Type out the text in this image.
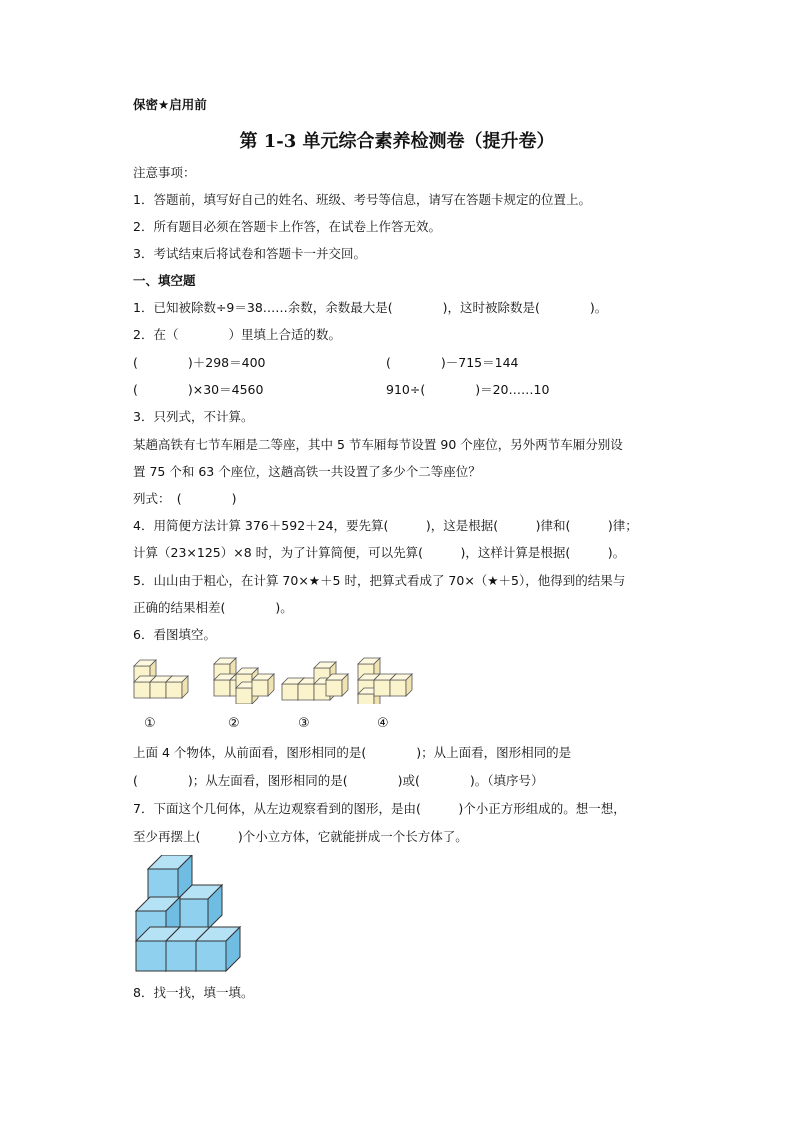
保密★启用前
第 1-3 单元综合素养检测卷（提升卷）
注意事项：
1．答题前，填写好自己的姓名、班级、考号等信息，请写在答题卡规定的位置上。
2．所有题目必须在答题卡上作答，在试卷上作答无效。
3．考试结束后将试卷和答题卡一并交回。
一、填空题
1．已知被除数÷9＝38……余数，余数最大是(　　　　)，这时被除数是(　　　　)。
2．在（　　　　）里填上合适的数。
(　　　　)＋298＝400	(　　　　)－715＝144
(　　　　)×30＝4560	910÷(　　　　)＝20……10
3．只列式，不计算。
某趟高铁有七节车厢是二等座，其中 5 节车厢每节设置 90 个座位，另外两节车厢分别设
置 75 个和 63 个座位，这趟高铁一共设置了多少个二等座位？
列式：　(　　　　)
4．用简便方法计算 376＋592＋24，要先算(　　　)，这是根据(　　　)律和(　　　)律；
计算（23×125）×8 时，为了计算简便，可以先算(　　　)，这样计算是根据(　　　)。
5．山山由于粗心，在计算 70×★＋5 时，把算式看成了 70×（★＋5），他得到的结果与
正确的结果相差(　　　　)。
6．看图填空。
①	②	③	④
上面 4 个物体，从前面看，图形相同的是(　　　　)；从上面看，图形相同的是
(　　　　)；从左面看，图形相同的是(　　　　)或(　　　　)。（填序号）
7．下面这个几何体，从左边观察看到的图形，是由(　　　)个小正方形组成的。想一想，
至少再摆上(　　　)个小立方体，它就能拼成一个长方体了。
8．找一找，填一填。
